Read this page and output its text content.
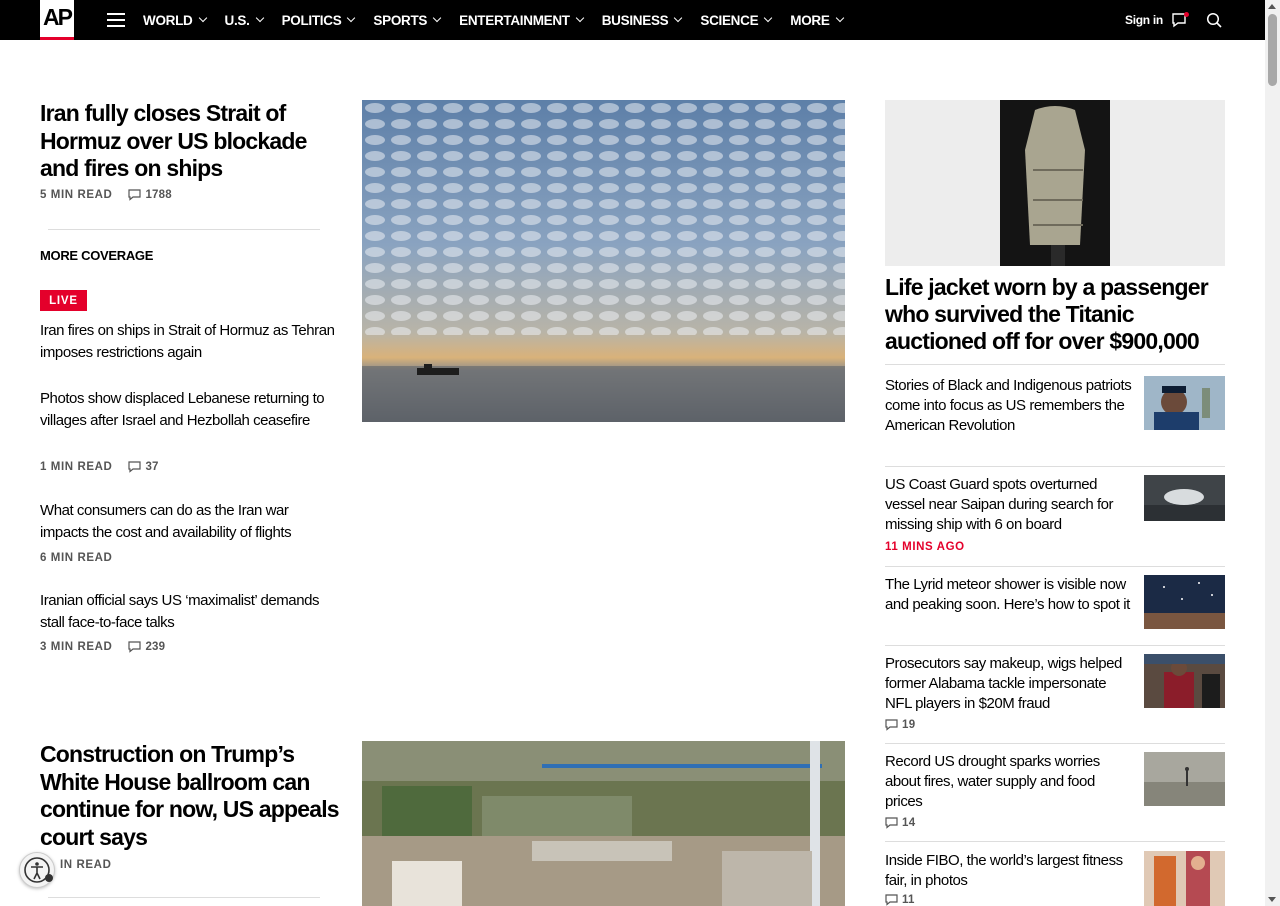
AP	WORLD U.S. POLITICS SPORTS ENTERTAINMENT BUSINESS SCIENCE MORE	Sign in
Iran fully closes Strait of Hormuz over US blockade and fires on ships
5 MIN READ	1788
MORE COVERAGE
LIVE
Iran fires on ships in Strait of Hormuz as Tehran imposes restrictions again
Photos show displaced Lebanese returning to villages after Israel and Hezbollah ceasefire
1 MIN READ	37
What consumers can do as the Iran war impacts the cost and availability of flights
6 MIN READ
Iranian official says US ‘maximalist’ demands stall face-to-face talks
3 MIN READ	239
Construction on Trump’s White House ballroom can continue for now, US appeals court says
IN READ
Life jacket worn by a passenger who survived the Titanic auctioned off for over $900,000
Stories of Black and Indigenous patriots come into focus as US remembers the American Revolution
US Coast Guard spots overturned vessel near Saipan during search for missing ship with 6 on board
11 MINS AGO
The Lyrid meteor shower is visible now and peaking soon. Here’s how to spot it
Prosecutors say makeup, wigs helped former Alabama tackle impersonate NFL players in $20M fraud
19
Record US drought sparks worries about fires, water supply and food prices
14
Inside FIBO, the world’s largest fitness fair, in photos
11
